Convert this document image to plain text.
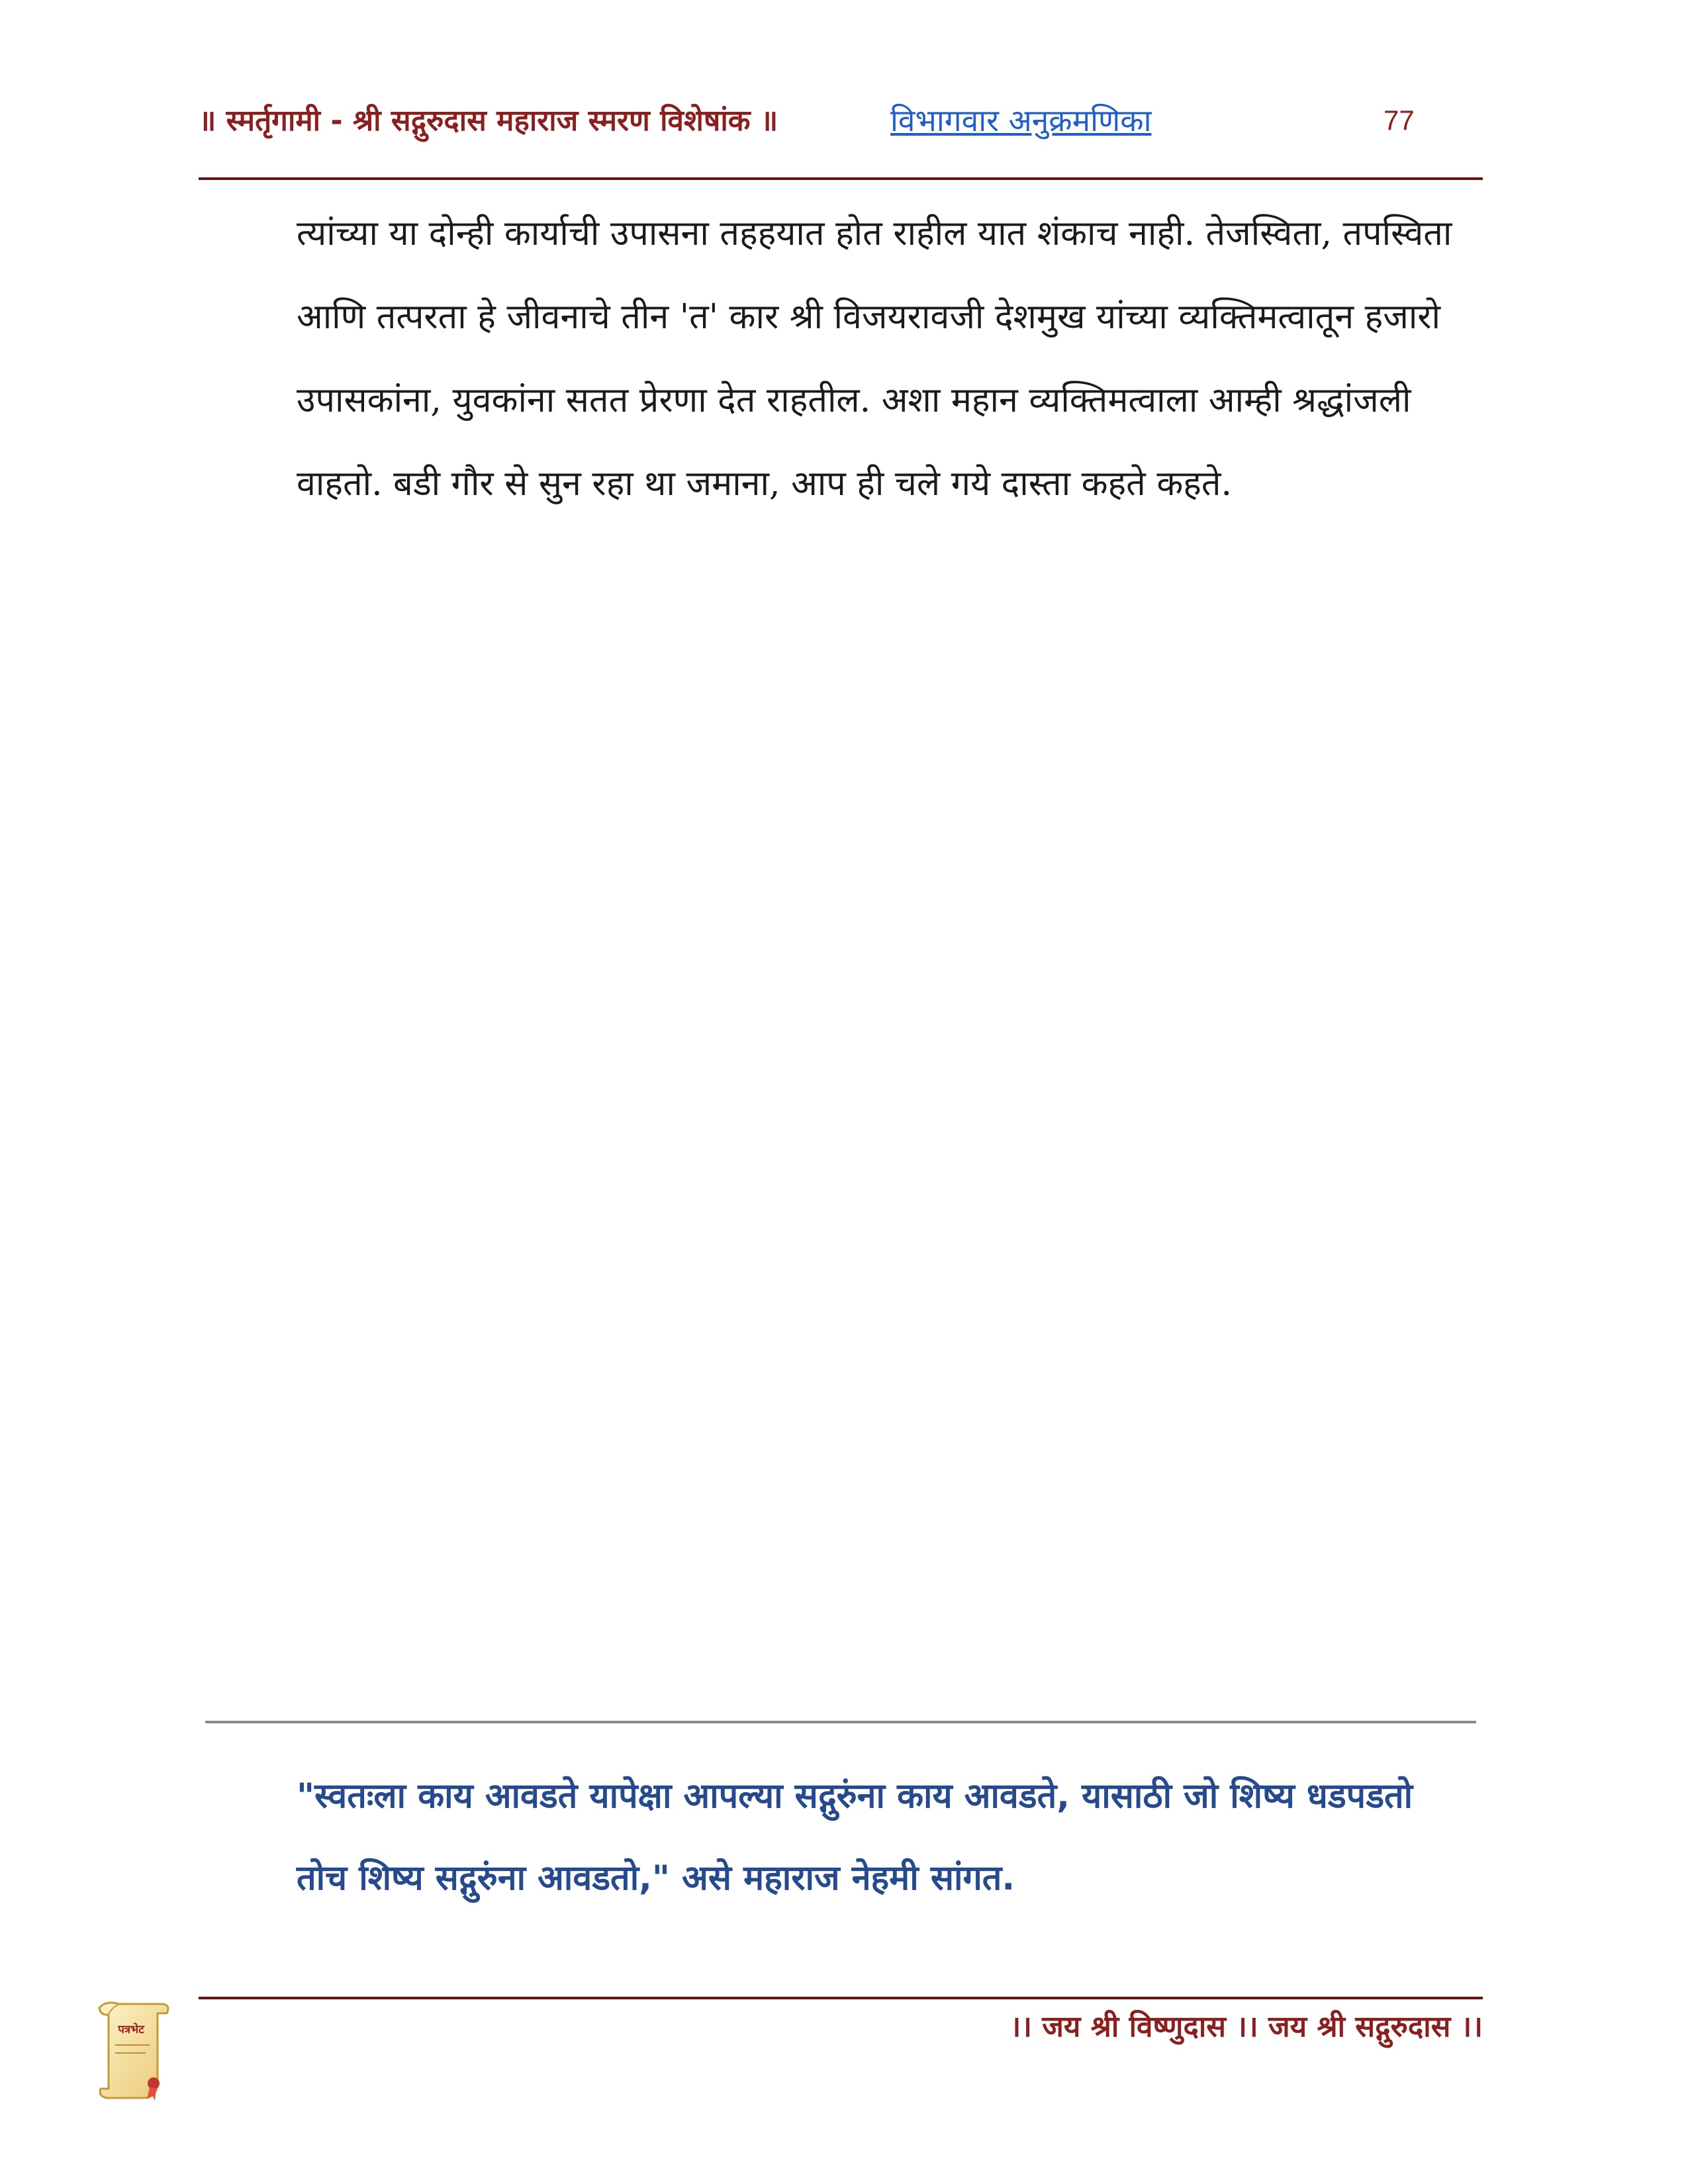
॥ स्मर्तृगामी - श्री सद्गुरुदास महाराज स्मरण विशेषांक ॥	विभागवार अनुक्रमणिका	77
त्यांच्या या दोन्ही कार्याची उपासना तहहयात होत राहील यात शंकाच नाही. तेजस्विता, तपस्विता आणि तत्परता हे जीवनाचे तीन 'त' कार श्री विजयरावजी देशमुख यांच्या व्यक्तिमत्वातून हजारो उपासकांना, युवकांना सतत प्रेरणा देत राहतील. अशा महान व्यक्तिमत्वाला आम्ही श्रद्धांजली वाहतो. बडी गौर से सुन रहा था जमाना, आप ही चले गये दास्ता कहते कहते.
"स्वतःला काय आवडते यापेक्षा आपल्या सद्गुरुंना काय आवडते, यासाठी जो शिष्य धडपडतो तोच शिष्य सद्गुरुंना आवडतो," असे महाराज नेहमी सांगत.
पत्रभेट	।। जय श्री विष्णुदास ।। जय श्री सद्गुरुदास ।।
